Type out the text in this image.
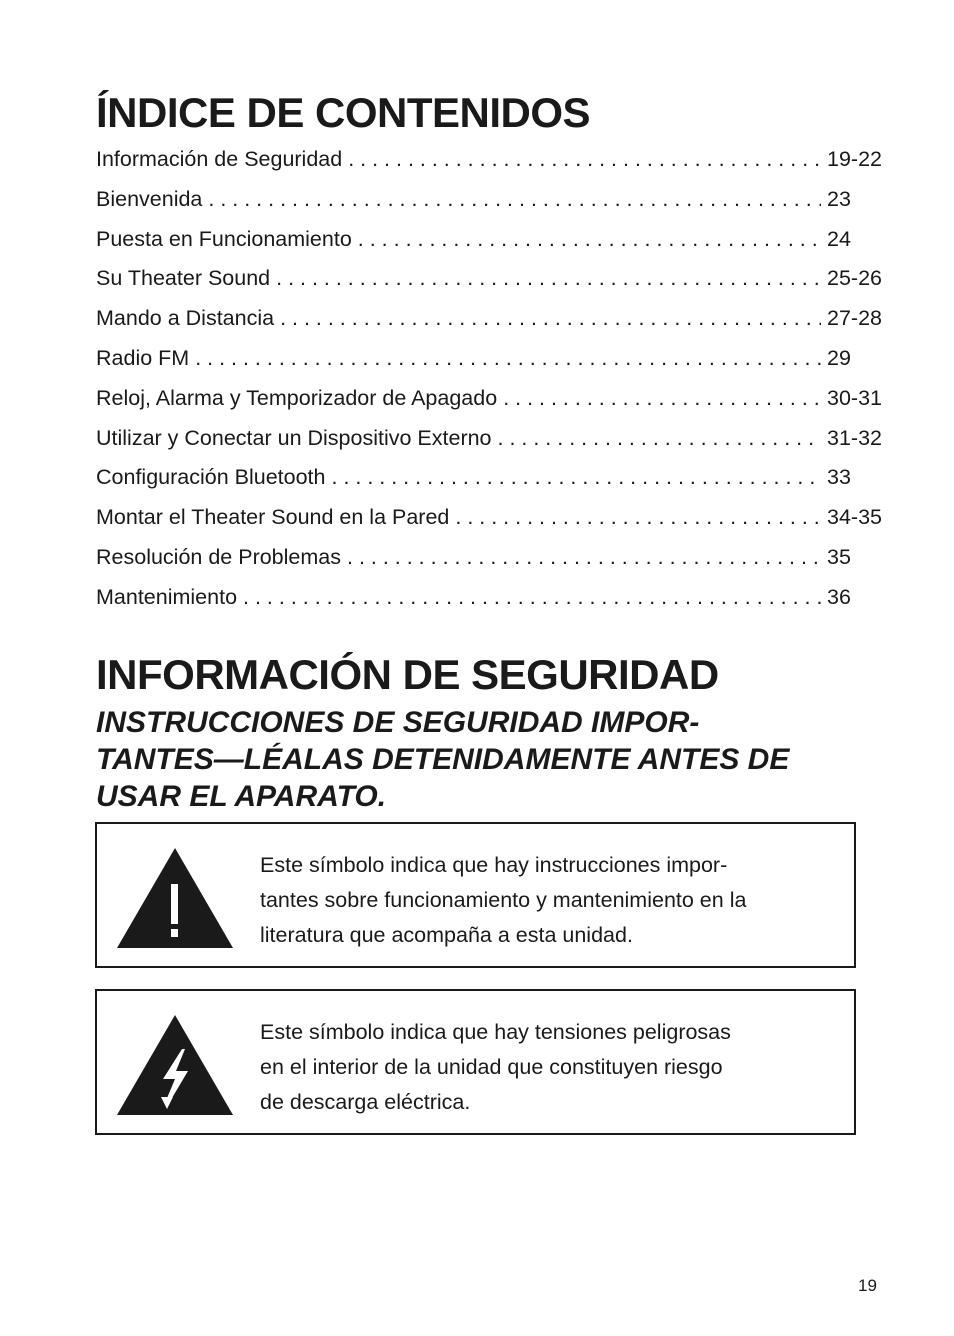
ÍNDICE DE CONTENIDOS
Información de Seguridad . . .	19-22
Bienvenida . . .	23
Puesta en Funcionamiento . . .	24
Su Theater Sound . . .	25-26
Mando a Distancia . . .	27-28
Radio FM . . .	29
Reloj, Alarma y Temporizador de Apagado . . .	30-31
Utilizar y Conectar un Dispositivo Externo . . .	31-32
Configuración Bluetooth . . .	33
Montar el Theater Sound en la Pared . . .	34-35
Resolución de Problemas . . .	35
Mantenimiento . . .	36
INFORMACIÓN DE SEGURIDAD
INSTRUCCIONES DE SEGURIDAD IMPOR-
TANTES—LÉALAS DETENIDAMENTE ANTES DE
USAR EL APARATO.
Este símbolo indica que hay instrucciones impor-
tantes sobre funcionamiento y mantenimiento en la
literatura que acompaña a esta unidad.
Este símbolo indica que hay tensiones peligrosas
en el interior de la unidad que constituyen riesgo
de descarga eléctrica.
19
